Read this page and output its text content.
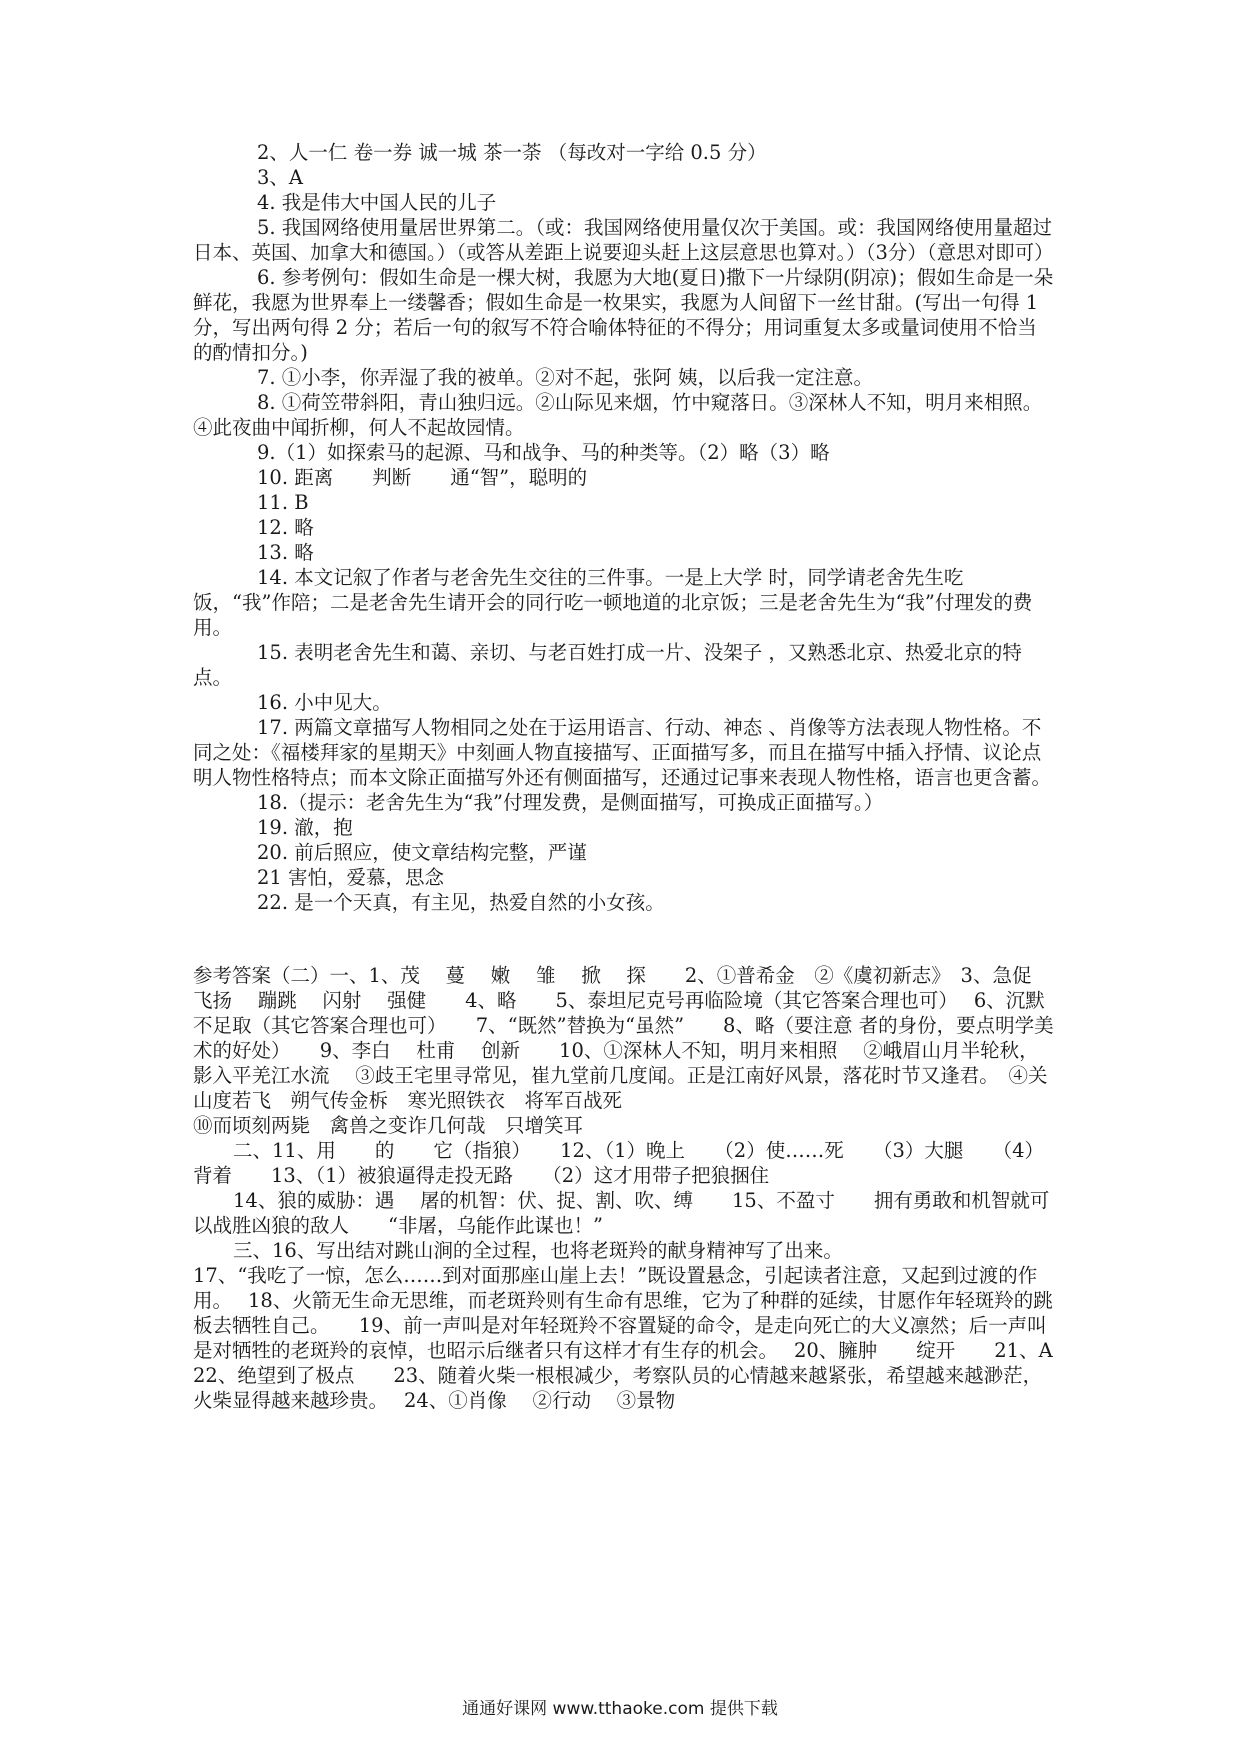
2、人一仁 卷一券 诚一城 茶一荼 （每改对一字给 0.5 分）

3、A

4. 我是伟大中国人民的儿子

5. 我国网络使用量居世界第二。（或：我国网络使用量仅次于美国。或：我国网络使用量超过日本、英国、加拿大和德国。）（或答从差距上说要迎头赶上这层意思也算对。）（3分）（意思对即可）

6. 参考例句：假如生命是一棵大树，我愿为大地(夏日)撒下一片绿阴(阴凉)；假如生命是一朵鲜花，我愿为世界奉上一缕馨香；假如生命是一枚果实，我愿为人间留下一丝甘甜。(写出一句得 1 分，写出两句得 2 分；若后一句的叙写不符合喻体特征的不得分；用词重复太多或量词使用不恰当的酌情扣分。)

7. ①小李，你弄湿了我的被单。②对不起，张阿 姨，以后我一定注意。

8. ①荷笠带斜阳，青山独归远。②山际见来烟，竹中窥落日。③深林人不知，明月来相照。④此夜曲中闻折柳，何人不起故园情。

9.（1）如探索马的起源、马和战争、马的种类等。（2）略（3）略

10. 距离　　判断　　通“智”，聪明的

11. B

12. 略

13. 略

14. 本文记叙了作者与老舍先生交往的三件事。一是上大学 时，同学请老舍先生吃饭，“我”作陪；二是老舍先生请开会的同行吃一顿地道的北京饭；三是老舍先生为“我”付理发的费用。

15. 表明老舍先生和蔼、亲切、与老百姓打成一片、没架子 ，又熟悉北京、热爱北京的特点。

16. 小中见大。

17. 两篇文章描写人物相同之处在于运用语言、行动、神态 、肖像等方法表现人物性格。不同之处：《福楼拜家的星期天》中刻画人物直接描写、正面描写多，而且在描写中插入抒情、议论点明人物性格特点；而本文除正面描写外还有侧面描写，还通过记事来表现人物性格，语言也更含蓄。

18.（提示：老舍先生为“我”付理发费，是侧面描写，可换成正面描写。）

19. 澈，抱

20. 前后照应，使文章结构完整，严谨

21 害怕，爱慕，思念

22. 是一个天真，有主见，热爱自然的小女孩。

参考答案（二）一、1、茂　 蔓　 嫩　 雏　 掀　 探　　2、①普希金　②《虞初新志》　3、急促　 飞扬　 蹦跳　 闪射　 强健　　4、略　　5、泰坦尼克号再临险境（其它答案合理也可）　 6、沉默不足取（其它答案合理也可）　　7、“既然”替换为“虽然”　　8、略（要注意 者的身份，要点明学美术的好处）　　9、李白　 杜甫　 创新　　10、①深林人不知，明月来相照　 ②峨眉山月半轮秋，影入平羌江水流　 ③歧王宅里寻常见，崔九堂前几度闻。正是江南好风景，落花时节又逢君。　④关山度若飞　朔气传金柝　寒光照铁衣　将军百战死

⑩而顷刻两毙　禽兽之变诈几何哉　只增笑耳

二、11、用　　的　　它（指狼）　　12、（1）晚上　　（2）使……死　　（3）大腿　　（4）背着　　13、（1）被狼逼得走投无路　　（2）这才用带子把狼捆住

14、狼的威胁：遇　 屠的机智：伏、捉、割、吹、缚　　15、不盈寸　　拥有勇敢和机智就可以战胜凶狼的敌人　　“非屠，乌能作此谋也！”

三、16、写出结对跳山涧的全过程，也将老斑羚的献身精神写了出来。

17、“我吃了一惊，怎么……到对面那座山崖上去！”既设置悬念，引起读者注意，又起到过渡的作用。　 18、火箭无生命无思维，而老斑羚则有生命有思维，它为了种群的延续，甘愿作年轻斑羚的跳板去牺牲自己。　　19、前一声叫是对年轻斑羚不容置疑的命令，是走向死亡的大义凛然；后一声叫是对牺牲的老斑羚的哀悼，也昭示后继者只有这样才有生存的机会。　 20、臃肿　　绽开　　21、A

22、绝望到了极点　　23、随着火柴一根根减少，考察队员的心情越来越紧张，希望越来越渺茫，火柴显得越来越珍贵。　 24、①肖像　 ②行动　 ③景物

通通好课网 www.tthaoke.com 提供下载
